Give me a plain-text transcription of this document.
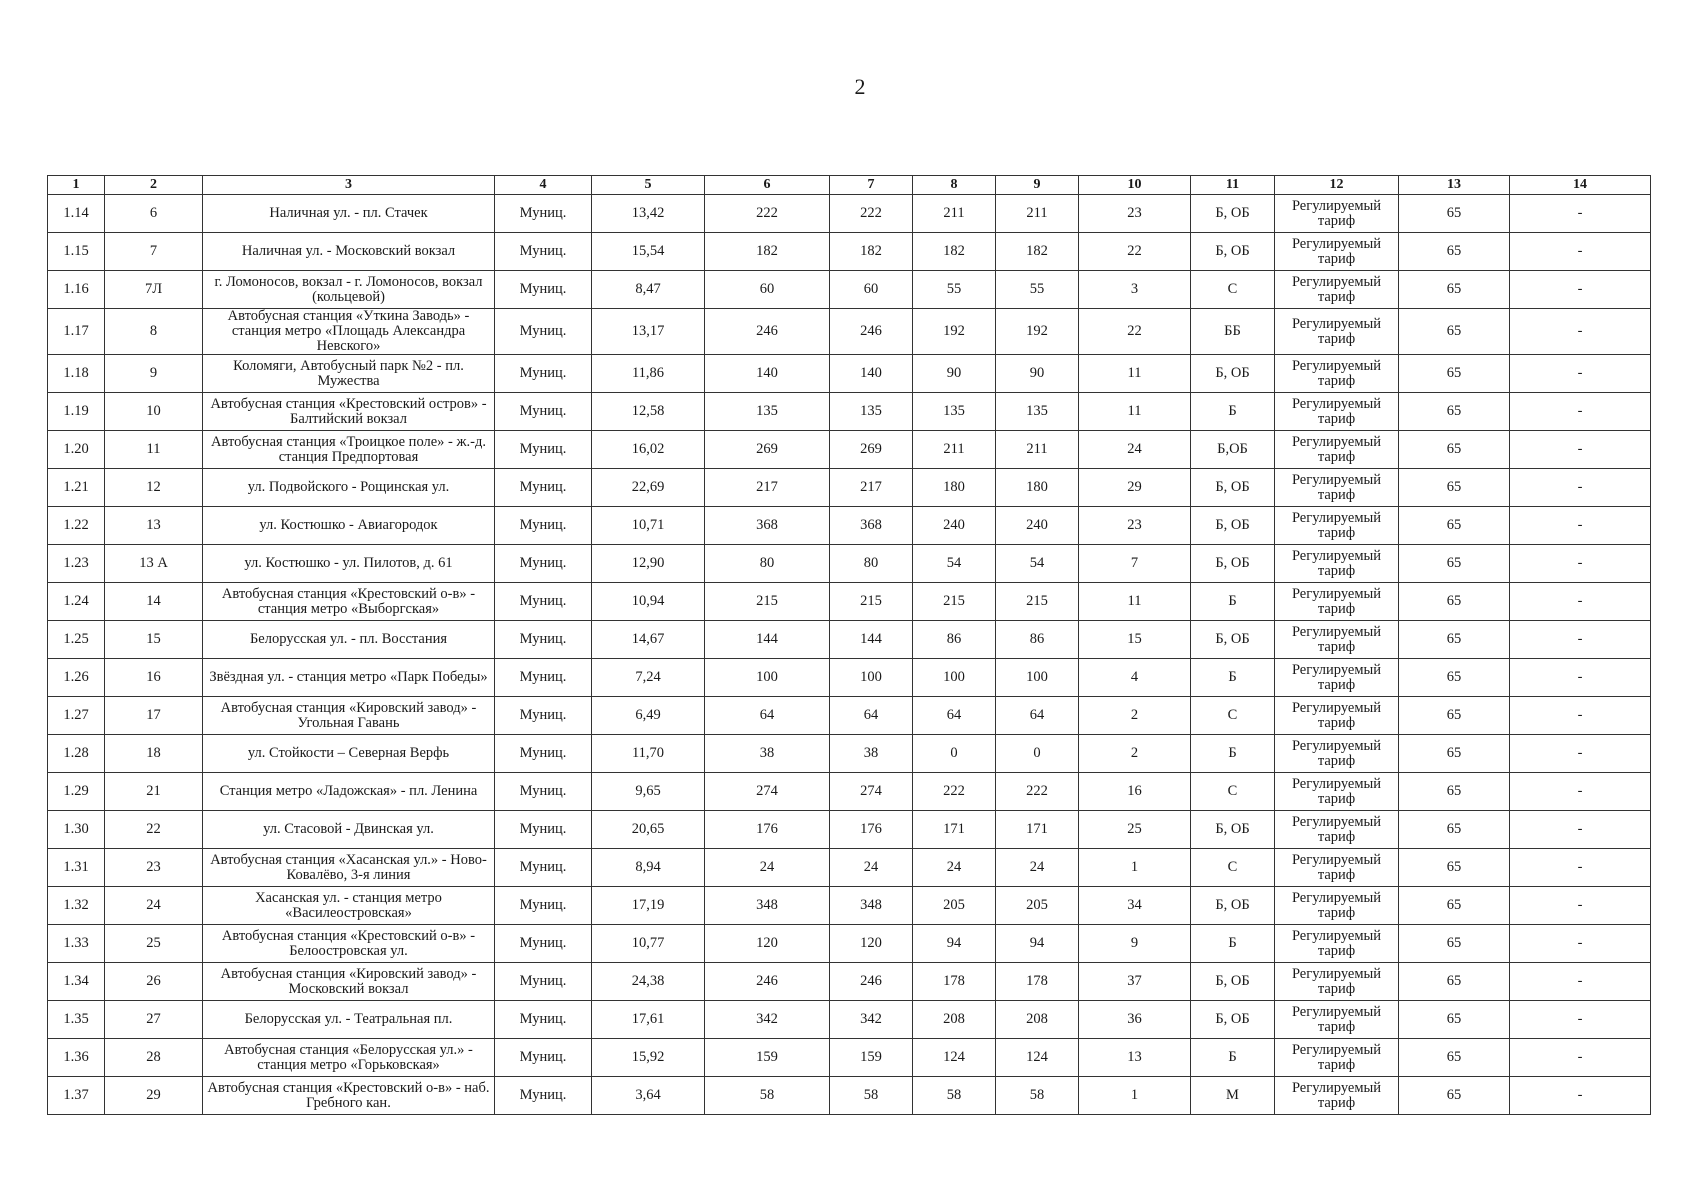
2
1	2	3	4	5	6	7	8	9	10	11	12	13	14
1.14	6	Наличная ул. - пл. Стачек	Муниц.	13,42	222	222	211	211	23	Б, ОБ	Регулируемый тариф	65	-
1.15	7	Наличная ул. - Московский вокзал	Муниц.	15,54	182	182	182	182	22	Б, ОБ	Регулируемый тариф	65	-
1.16	7Л	г. Ломоносов, вокзал - г. Ломоносов, вокзал (кольцевой)	Муниц.	8,47	60	60	55	55	3	С	Регулируемый тариф	65	-
1.17	8	Автобусная станция «Уткина Заводь» - станция метро «Площадь Александра Невского»	Муниц.	13,17	246	246	192	192	22	ББ	Регулируемый тариф	65	-
1.18	9	Коломяги, Автобусный парк №2 - пл. Мужества	Муниц.	11,86	140	140	90	90	11	Б, ОБ	Регулируемый тариф	65	-
1.19	10	Автобусная станция «Крестовский остров» - Балтийский вокзал	Муниц.	12,58	135	135	135	135	11	Б	Регулируемый тариф	65	-
1.20	11	Автобусная станция «Троицкое поле» - ж.-д. станция Предпортовая	Муниц.	16,02	269	269	211	211	24	Б,ОБ	Регулируемый тариф	65	-
1.21	12	ул. Подвойского - Рощинская ул.	Муниц.	22,69	217	217	180	180	29	Б, ОБ	Регулируемый тариф	65	-
1.22	13	ул. Костюшко - Авиагородок	Муниц.	10,71	368	368	240	240	23	Б, ОБ	Регулируемый тариф	65	-
1.23	13 А	ул. Костюшко - ул. Пилотов, д. 61	Муниц.	12,90	80	80	54	54	7	Б, ОБ	Регулируемый тариф	65	-
1.24	14	Автобусная станция «Крестовский о-в» - станция метро «Выборгская»	Муниц.	10,94	215	215	215	215	11	Б	Регулируемый тариф	65	-
1.25	15	Белорусская ул. - пл. Восстания	Муниц.	14,67	144	144	86	86	15	Б, ОБ	Регулируемый тариф	65	-
1.26	16	Звёздная ул. - станция метро «Парк Победы»	Муниц.	7,24	100	100	100	100	4	Б	Регулируемый тариф	65	-
1.27	17	Автобусная станция «Кировский завод» - Угольная Гавань	Муниц.	6,49	64	64	64	64	2	С	Регулируемый тариф	65	-
1.28	18	ул. Стойкости – Северная Верфь	Муниц.	11,70	38	38	0	0	2	Б	Регулируемый тариф	65	-
1.29	21	Станция метро «Ладожская» - пл. Ленина	Муниц.	9,65	274	274	222	222	16	С	Регулируемый тариф	65	-
1.30	22	ул. Стасовой - Двинская ул.	Муниц.	20,65	176	176	171	171	25	Б, ОБ	Регулируемый тариф	65	-
1.31	23	Автобусная станция «Хасанская ул.» - Ново-Ковалёво, 3-я линия	Муниц.	8,94	24	24	24	24	1	С	Регулируемый тариф	65	-
1.32	24	Хасанская ул. - станция метро «Василеостровская»	Муниц.	17,19	348	348	205	205	34	Б, ОБ	Регулируемый тариф	65	-
1.33	25	Автобусная станция «Крестовский о-в» - Белоостровская ул.	Муниц.	10,77	120	120	94	94	9	Б	Регулируемый тариф	65	-
1.34	26	Автобусная станция «Кировский завод» - Московский вокзал	Муниц.	24,38	246	246	178	178	37	Б, ОБ	Регулируемый тариф	65	-
1.35	27	Белорусская ул. - Театральная пл.	Муниц.	17,61	342	342	208	208	36	Б, ОБ	Регулируемый тариф	65	-
1.36	28	Автобусная станция «Белорусская ул.» - станция метро «Горьковская»	Муниц.	15,92	159	159	124	124	13	Б	Регулируемый тариф	65	-
1.37	29	Автобусная станция «Крестовский о-в» - наб. Гребного кан.	Муниц.	3,64	58	58	58	58	1	М	Регулируемый тариф	65	-
